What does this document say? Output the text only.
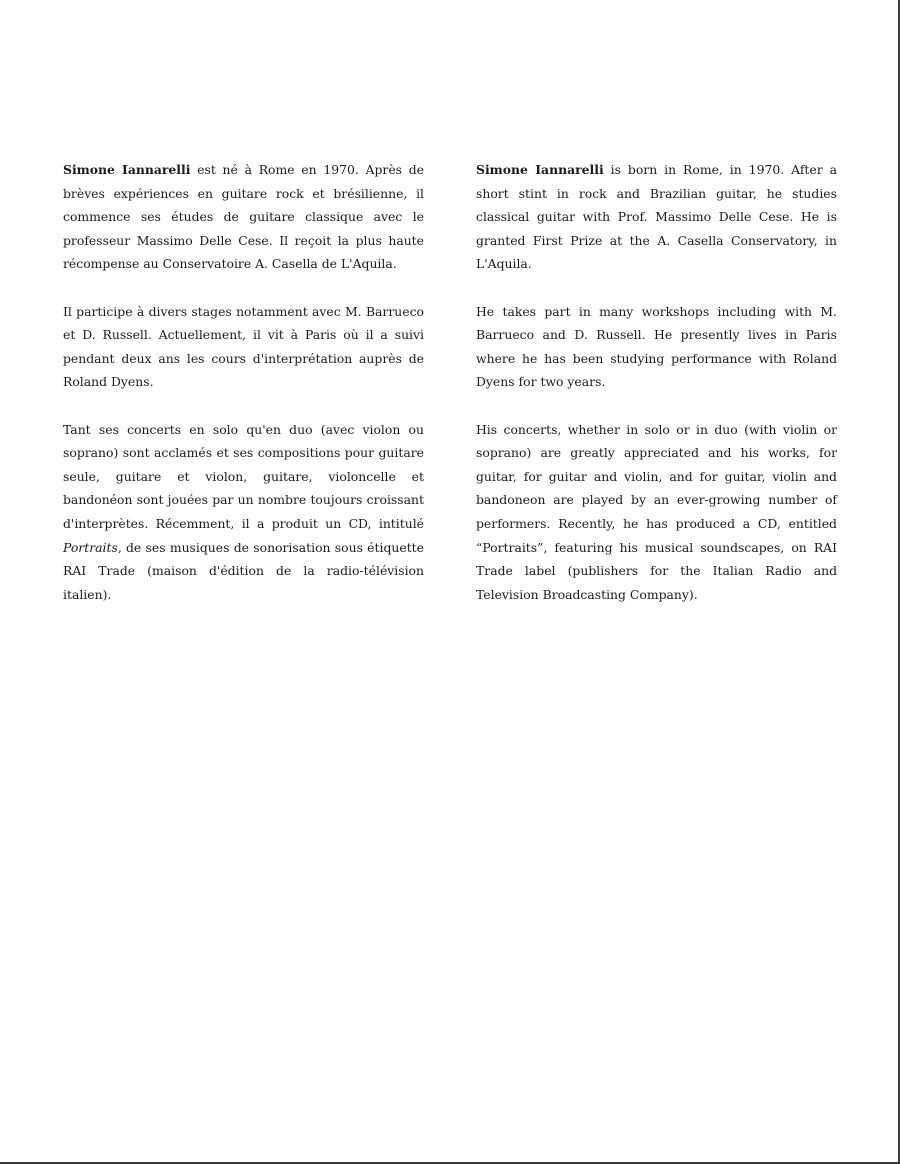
Simone Iannarelli est né à Rome en 1970. Après de brèves expériences en guitare rock et brésilienne, il commence ses études de guitare classique avec le professeur Massimo Delle Cese. Il reçoit la plus haute récompense au Conservatoire A. Casella de L'Aquila.

Il participe à divers stages notamment avec M. Barrueco et D. Russell. Actuellement, il vit à Paris où il a suivi pendant deux ans les cours d'interprétation auprès de Roland Dyens.

Tant ses concerts en solo qu'en duo (avec violon ou soprano) sont acclamés et ses compositions pour guitare seule, guitare et violon, guitare, violoncelle et bandonéon sont jouées par un nombre toujours croissant d'interprètes. Récemment, il a produit un CD, intitulé Portraits, de ses musiques de sonorisation sous étiquette RAI Trade (maison d'édition de la radio-télévision italien).

Simone Iannarelli is born in Rome, in 1970. After a short stint in rock and Brazilian guitar, he studies classical guitar with Prof. Massimo Delle Cese. He is granted First Prize at the A. Casella Conservatory, in L'Aquila.

He takes part in many workshops including with M. Barrueco and D. Russell. He presently lives in Paris where he has been studying performance with Roland Dyens for two years.

His concerts, whether in solo or in duo (with violin or soprano) are greatly appreciated and his works, for guitar, for guitar and violin, and for guitar, violin and bandoneon are played by an ever-growing number of performers. Recently, he has produced a CD, entitled “Portraits”, featuring his musical soundscapes, on RAI Trade label (publishers for the Italian Radio and Television Broadcasting Company).
